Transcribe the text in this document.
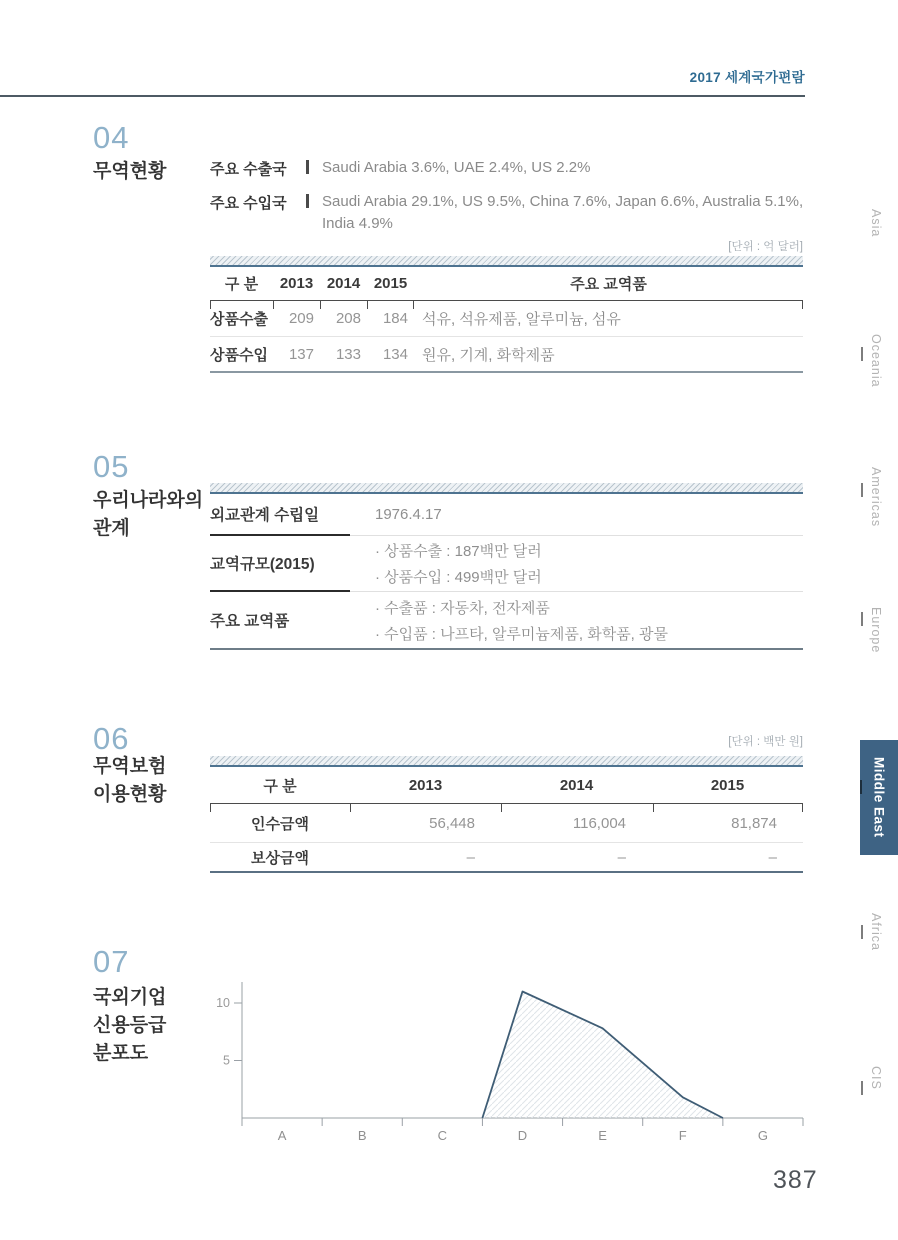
2017 세계국가편람
04
무역현황	주요 수출국	Saudi Arabia 3.6%, UAE 2.4%, US 2.2%
주요 수입국	Saudi Arabia 29.1%, US 9.5%, China 7.6%, Japan 6.6%, Australia 5.1%, India 4.9%
[단위 : 억 달러]
구 분	2013 2014 2015	주요 교역품
상품수출	209	208	184 석유, 석유제품, 알루미늄, 섬유
상품수입	137	133	134 원유, 기계, 화학제품
05
우리나라와의
관계
외교관계 수립일	1976.4.17
교역규모(2015)
· 상품수출 : 187백만 달러
· 상품수입 : 499백만 달러
주요 교역품
· 수출품 : 자동차, 전자제품
· 수입품 : 나프타, 알루미늄제품, 화학품, 광물
06
무역보험
이용현황
[단위 : 백만 원]
구 분	2013	2014	2015
인수금액	56,448	116,004	81,874
보상금액	–	–	–
07
국외기업
신용등급
분포도	5
10
A	B	C	D	E	F	G
Asia
Oceania
Americas
Europe
Middle East
Africa
CIS
387
